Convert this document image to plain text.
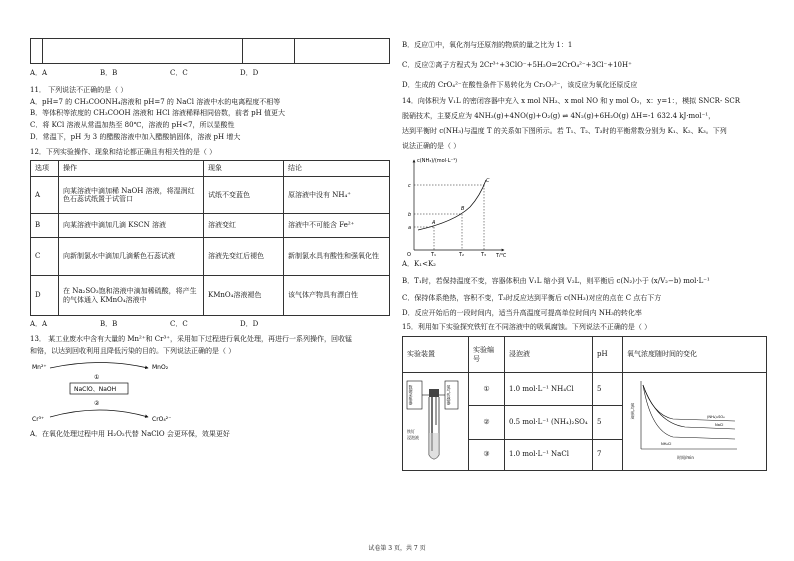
A．A	B．B	C．C	D．D
11． 下列说法不正确的是（ ）
A．pH=7 的 CH₃COONH₄溶液和 pH=7 的 NaCl 溶液中水的电离程度不相等
B．等体积等浓度的 CH₃COOH 溶液和 HCl 溶液稀释相同倍数，前者 pH 值更大
C．将 KCl 溶液从常温加热至 80℃，溶液的 pH<7，所以显酸性
D．常温下，pH 为 3 的醋酸溶液中加入醋酸钠固体，溶液 pH 增大
12．下列实验操作、现象和结论都正确且有相关性的是（ ）
选项	操作	现象	结论
A	向某溶液中滴加稀 NaOH 溶液，将湿润红色石蕊试纸置于试管口	试纸不变蓝色	原溶液中没有 NH₄⁺
B	向某溶液中滴加几滴 KSCN 溶液	溶液变红	溶液中不可能含 Fe²⁺
C	向新制氯水中滴加几滴紫色石蕊试液	溶液先变红后褪色	新制氯水具有酸性和强氧化性
D	在 Na₂SO₃饱和溶液中滴加稀硫酸，将产生的气体通入 KMnO₄溶液中	KMnO₄溶液褪色	该气体产物具有漂白性
A．A	B．B	C．C	D．D
13． 某工业废水中含有大量的 Mn²⁺和 Cr³⁺，采用如下过程进行氧化处理，再进行一系列操作，回收锰
和铬，以达到回收利用且降低污染的目的。下列说法正确的是（ ）
Mn²⁺	MnO₂
①
NaClO、NaOH
②
Cr³⁺	CrO₄²⁻
A．在氧化处理过程中用 H₂O₂代替 NaClO 会更环保，效果更好
B．反应①中，氧化剂与还原剂的物质的量之比为 1：1
C．反应②离子方程式为 2Cr³⁺+3ClO⁻+5H₂O=2CrO₄²⁻+3Cl⁻+10H⁺
D．生成的 CrO₄²⁻在酸性条件下易转化为 Cr₂O₇²⁻，该反应为氧化还原反应
14．向体积为 V₁L 的密闭容器中充入 x mol NH₃、x mol NO 和 y mol O₂，x：y=1：，模拟 SNCR- SCR
脱硝技术，主要反应为 4NH₃(g)+4NO(g)+O₂(g) ⇌ 4N₂(g)+6H₂O(g) ΔH=-1 632.4 kJ·mol⁻¹，
达到平衡时 c(NH₃)与温度 T 的关系如下图所示。若 T₁、T₂、T₃时的平衡常数分别为 K₁、K₂、K₃。下列
说法正确的是（ ）
c(NH₃)/(mol·L⁻¹)
T/℃
O
a
b
c
A
B
C
T₁	T₂	T₃
A．K₁<K₂
B．T₁时，若保持温度不变，容器体积由 V₁L 缩小到 V₂L，则平衡后 c(N₂)小于 (x/V₂−b) mol·L⁻¹
C．保持体系绝热，容积不变，T₃时反应达到平衡后 c(NH₃)对应的点在 C 点右下方
D．反应开始后的一段时间内，适当升高温度可提高单位时间内 NH₃的转化率
15．利用如下实验探究铁钉在不同溶液中的吸氧腐蚀。下列说法不正确的是（ ）
实验装置	实验编号	浸泡液	pH	氧气浓度随时间的变化

数据采集器 氧气传感器
铁钉
浸泡液	①	1.0 mol·L⁻¹ NH₄Cl	5	氧气浓度
时间/min
(NH₄)₂SO₄
NaCl
NH₄Cl

	②	0.5 mol·L⁻¹ (NH₄)₂SO₄	5	
	③	1.0 mol·L⁻¹ NaCl	7	
试卷第 3 页，共 7 页
